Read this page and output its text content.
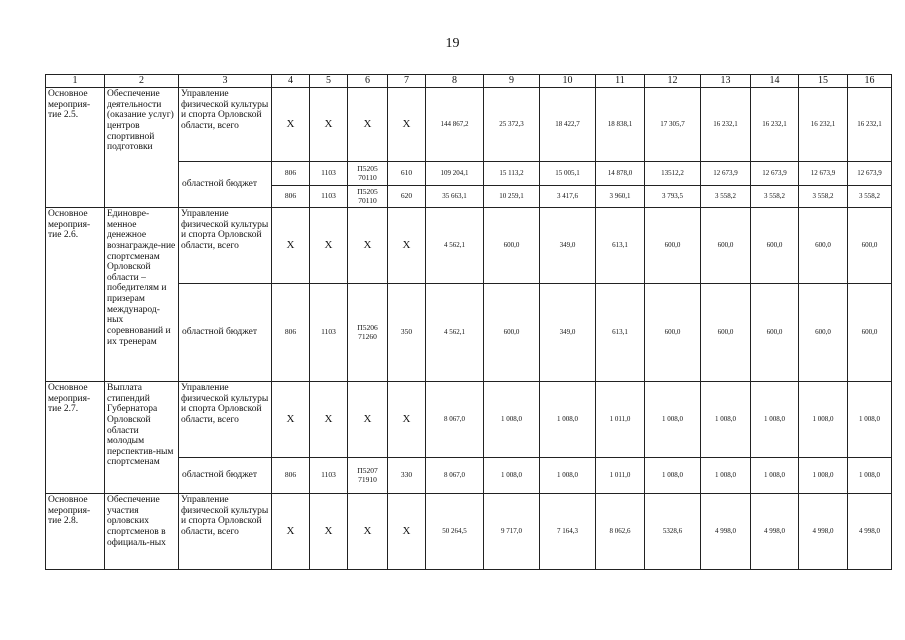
19
1	2	3	4	5	6	7	8	9	10	11	12	13	14	15	16
Основное мероприя-тие 2.5.	Обеспечение деятельности (оказание услуг) центров спортивной подготовки	Управление физической культуры и спорта Орловской области, всего	X	X	X	X	144 867,2	25 372,3	18 422,7	18 838,1	17 305,7	16 232,1	16 232,1	16 232,1	16 232,1
		областной бюджет	806	1103	П5205 70110	610	109 204,1	15 113,2	15 005,1	14 878,0	13512,2	12 673,9	12 673,9	12 673,9	12 673,9
			806	1103	П5205 70110	620	35 663,1	10 259,1	3 417,6	3 960,1	3 793,5	3 558,2	3 558,2	3 558,2	3 558,2
Основное мероприя-тие 2.6.	Единовре-менное денежное вознагражде-ние спортсменам Орловской области – победителям и призерам международ-ных соревнований и их тренерам	Управление физической культуры и спорта Орловской области, всего	X	X	X	X	4 562,1	600,0	349,0	613,1	600,0	600,0	600,0	600,0	600,0
		областной бюджет	806	1103	П5206 71260	350	4 562,1	600,0	349,0	613,1	600,0	600,0	600,0	600,0	600,0
Основное мероприя-тие 2.7.	Выплата стипендий Губернатора Орловской области молодым перспектив-ным спортсменам	Управление физической культуры и спорта Орловской области, всего	X	X	X	X	8 067,0	1 008,0	1 008,0	1 011,0	1 008,0	1 008,0	1 008,0	1 008,0	1 008,0
		областной бюджет	806	1103	П5207 71910	330	8 067,0	1 008,0	1 008,0	1 011,0	1 008,0	1 008,0	1 008,0	1 008,0	1 008,0
Основное мероприя-тие 2.8.	Обеспечение участия орловских спортсменов в официаль-ных	Управление физической культуры и спорта Орловской области, всего	X	X	X	X	50 264,5	9 717,0	7 164,3	8 062,6	5328,6	4 998,0	4 998,0	4 998,0	4 998,0
